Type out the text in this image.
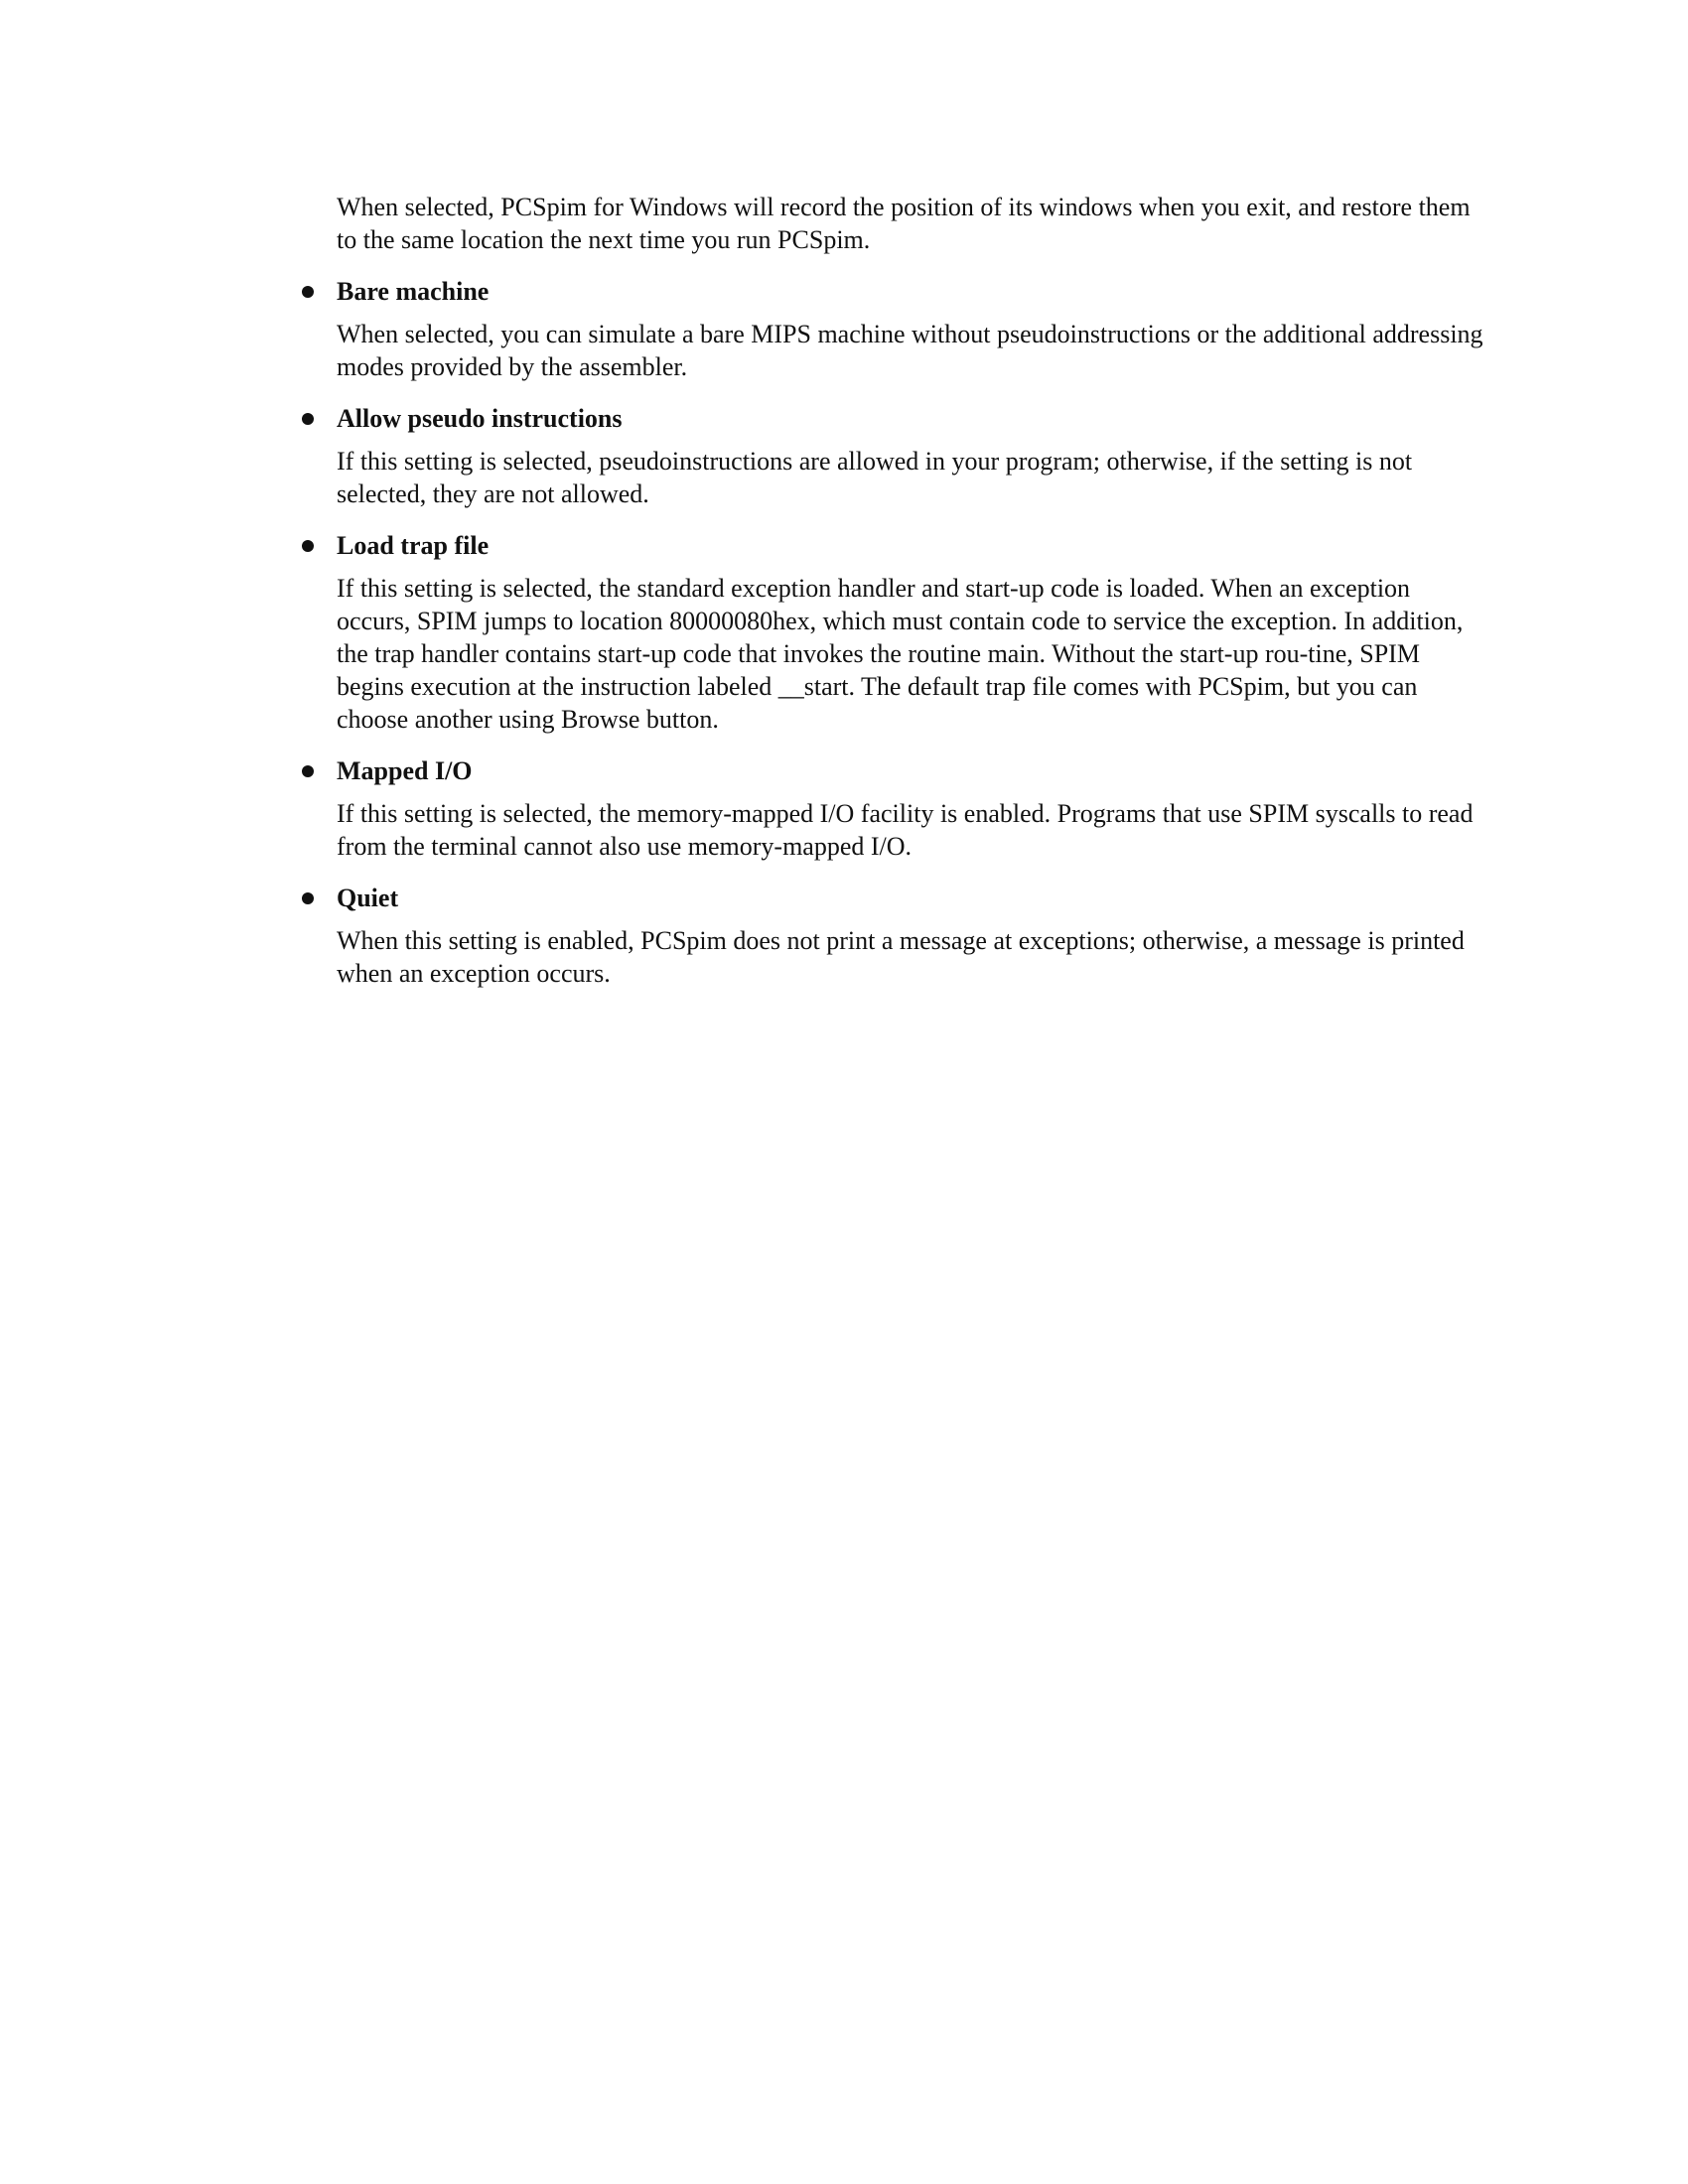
When selected, PCSpim for Windows will record the position of its windows when you exit, and restore them to the same location the next time you run PCSpim.

Bare machine

When selected, you can simulate a bare MIPS machine without pseudoinstructions or the additional addressing modes provided by the assembler.

Allow pseudo instructions

If this setting is selected, pseudoinstructions are allowed in your program; otherwise, if the setting is not selected, they are not allowed.

Load trap file

If this setting is selected, the standard exception handler and start-up code is loaded. When an exception occurs, SPIM jumps to location 80000080hex, which must contain code to service the exception. In addition, the trap handler contains start-up code that invokes the routine main. Without the start-up rou-tine, SPIM begins execution at the instruction labeled __start. The default trap file comes with PCSpim, but you can choose another using Browse button.

Mapped I/O

If this setting is selected, the memory-mapped I/O facility is enabled. Programs that use SPIM syscalls to read from the terminal cannot also use memory-mapped I/O.

Quiet

When this setting is enabled, PCSpim does not print a message at exceptions; otherwise, a message is printed when an exception occurs.
